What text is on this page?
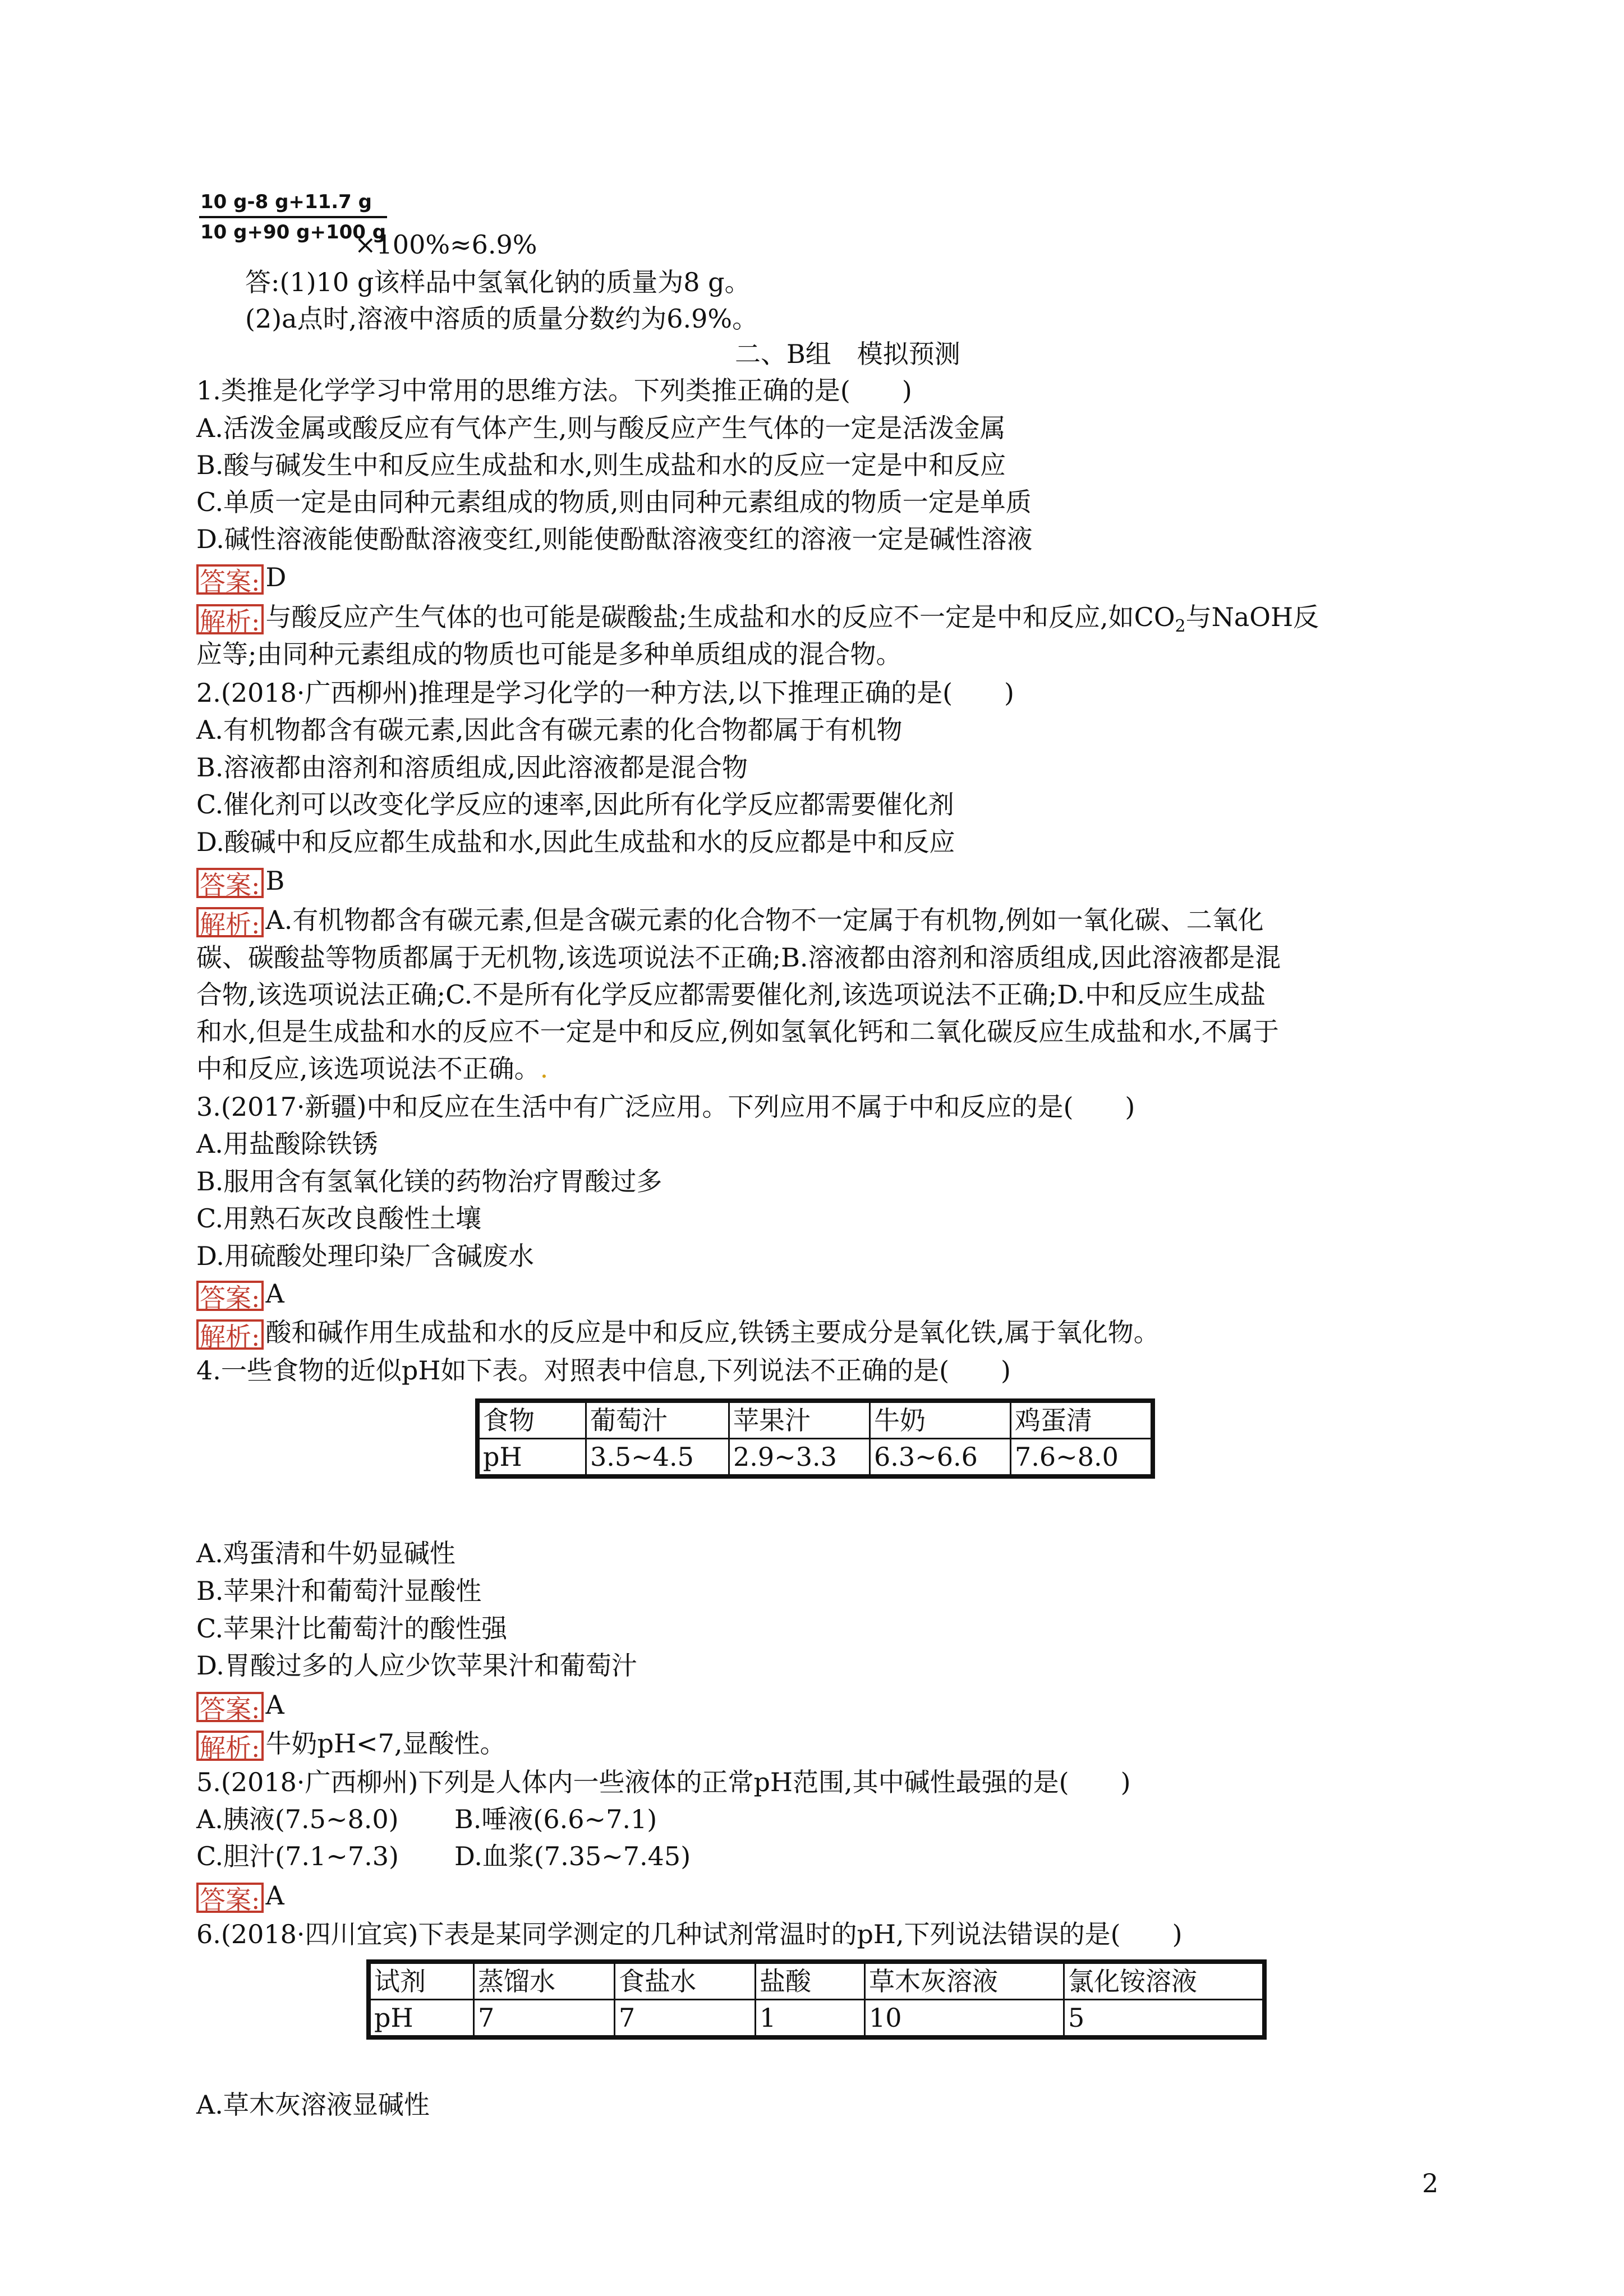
$\frac{10 g-8 g+11.7 g}{10 g+90 g+100 g}$
×100%≈6.9%
答:(1)10 g该样品中氢氧化钠的质量为8 g。
(2)a点时,溶液中溶质的质量分数约为6.9%。
二、B组　模拟预测
1.类推是化学学习中常用的思维方法。下列类推正确的是(　　)
A.活泼金属或酸反应有气体产生,则与酸反应产生气体的一定是活泼金属
B.酸与碱发生中和反应生成盐和水,则生成盐和水的反应一定是中和反应
C.单质一定是由同种元素组成的物质,则由同种元素组成的物质一定是单质
D.碱性溶液能使酚酞溶液变红,则能使酚酞溶液变红的溶液一定是碱性溶液
答案: D
解析: 与酸反应产生气体的也可能是碳酸盐;生成盐和水的反应不一定是中和反应,如$CO_2$与NaOH反
应等;由同种元素组成的物质也可能是多种单质组成的混合物。
2.(2018·广西柳州)推理是学习化学的一种方法,以下推理正确的是(　　)
A.有机物都含有碳元素,因此含有碳元素的化合物都属于有机物
B.溶液都由溶剂和溶质组成,因此溶液都是混合物
C.催化剂可以改变化学反应的速率,因此所有化学反应都需要催化剂
D.酸碱中和反应都生成盐和水,因此生成盐和水的反应都是中和反应
答案: B
解析: A.有机物都含有碳元素,但是含碳元素的化合物不一定属于有机物,例如一氧化碳、二氧化
碳、碳酸盐等物质都属于无机物,该选项说法不正确;B.溶液都由溶剂和溶质组成,因此溶液都是混
合物,该选项说法正确;C.不是所有化学反应都需要催化剂,该选项说法不正确;D.中和反应生成盐
和水,但是生成盐和水的反应不一定是中和反应,例如氢氧化钙和二氧化碳反应生成盐和水,不属于
中和反应,该选项说法不正确。.
3.(2017·新疆)中和反应在生活中有广泛应用。下列应用不属于中和反应的是(　　)
A.用盐酸除铁锈
B.服用含有氢氧化镁的药物治疗胃酸过多
C.用熟石灰改良酸性土壤
D.用硫酸处理印染厂含碱废水
答案: A
解析: 酸和碱作用生成盐和水的反应是中和反应,铁锈主要成分是氧化铁,属于氧化物。
4.一些食物的近似pH如下表。对照表中信息,下列说法不正确的是(　　)
食物	葡萄汁	苹果汁	牛奶	鸡蛋清
pH	3.5~4.5	2.9~3.3	6.3~6.6	7.6~8.0
A.鸡蛋清和牛奶显碱性
B.苹果汁和葡萄汁显酸性
C.苹果汁比葡萄汁的酸性强
D.胃酸过多的人应少饮苹果汁和葡萄汁
答案: A
解析: 牛奶pH<7,显酸性。
5.(2018·广西柳州)下列是人体内一些液体的正常pH范围,其中碱性最强的是(　　)
A.胰液(7.5~8.0) B.唾液(6.6~7.1)
C.胆汁(7.1~7.3) D.血浆(7.35~7.45)
答案: A
6.(2018·四川宜宾)下表是某同学测定的几种试剂常温时的pH,下列说法错误的是(　　)
试剂	蒸馏水	食盐水	盐酸	草木灰溶液	氯化铵溶液
pH	7	7	1	10	5
A.草木灰溶液显碱性
2
